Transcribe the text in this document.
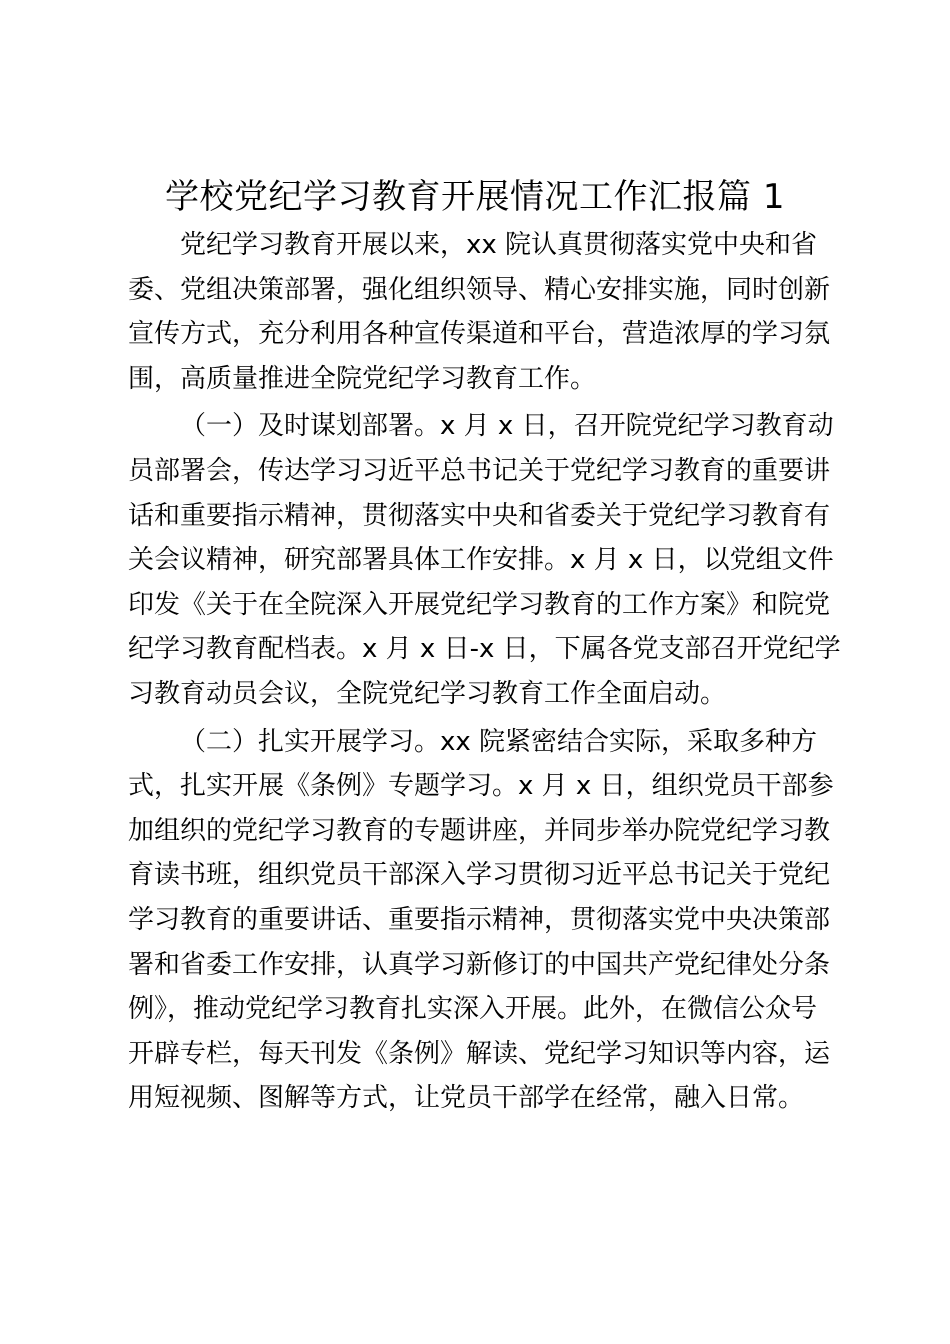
学校党纪学习教育开展情况工作汇报篇 1

党纪学习教育开展以来，xx 院认真贯彻落实党中央和省
委、党组决策部署，强化组织领导、精心安排实施，同时创新
宣传方式，充分利用各种宣传渠道和平台，营造浓厚的学习氛
围，高质量推进全院党纪学习教育工作。

（一）及时谋划部署。x 月 x 日，召开院党纪学习教育动
员部署会，传达学习习近平总书记关于党纪学习教育的重要讲
话和重要指示精神，贯彻落实中央和省委关于党纪学习教育有
关会议精神，研究部署具体工作安排。x 月 x 日，以党组文件
印发《关于在全院深入开展党纪学习教育的工作方案》和院党
纪学习教育配档表。x 月 x 日-x 日，下属各党支部召开党纪学
习教育动员会议，全院党纪学习教育工作全面启动。

（二）扎实开展学习。xx 院紧密结合实际，采取多种方
式，扎实开展《条例》专题学习。x 月 x 日，组织党员干部参
加组织的党纪学习教育的专题讲座，并同步举办院党纪学习教
育读书班，组织党员干部深入学习贯彻习近平总书记关于党纪
学习教育的重要讲话、重要指示精神，贯彻落实党中央决策部
署和省委工作安排，认真学习新修订的中国共产党纪律处分条
例》，推动党纪学习教育扎实深入开展。此外，在微信公众号
开辟专栏，每天刊发《条例》解读、党纪学习知识等内容，运
用短视频、图解等方式，让党员干部学在经常，融入日常。
